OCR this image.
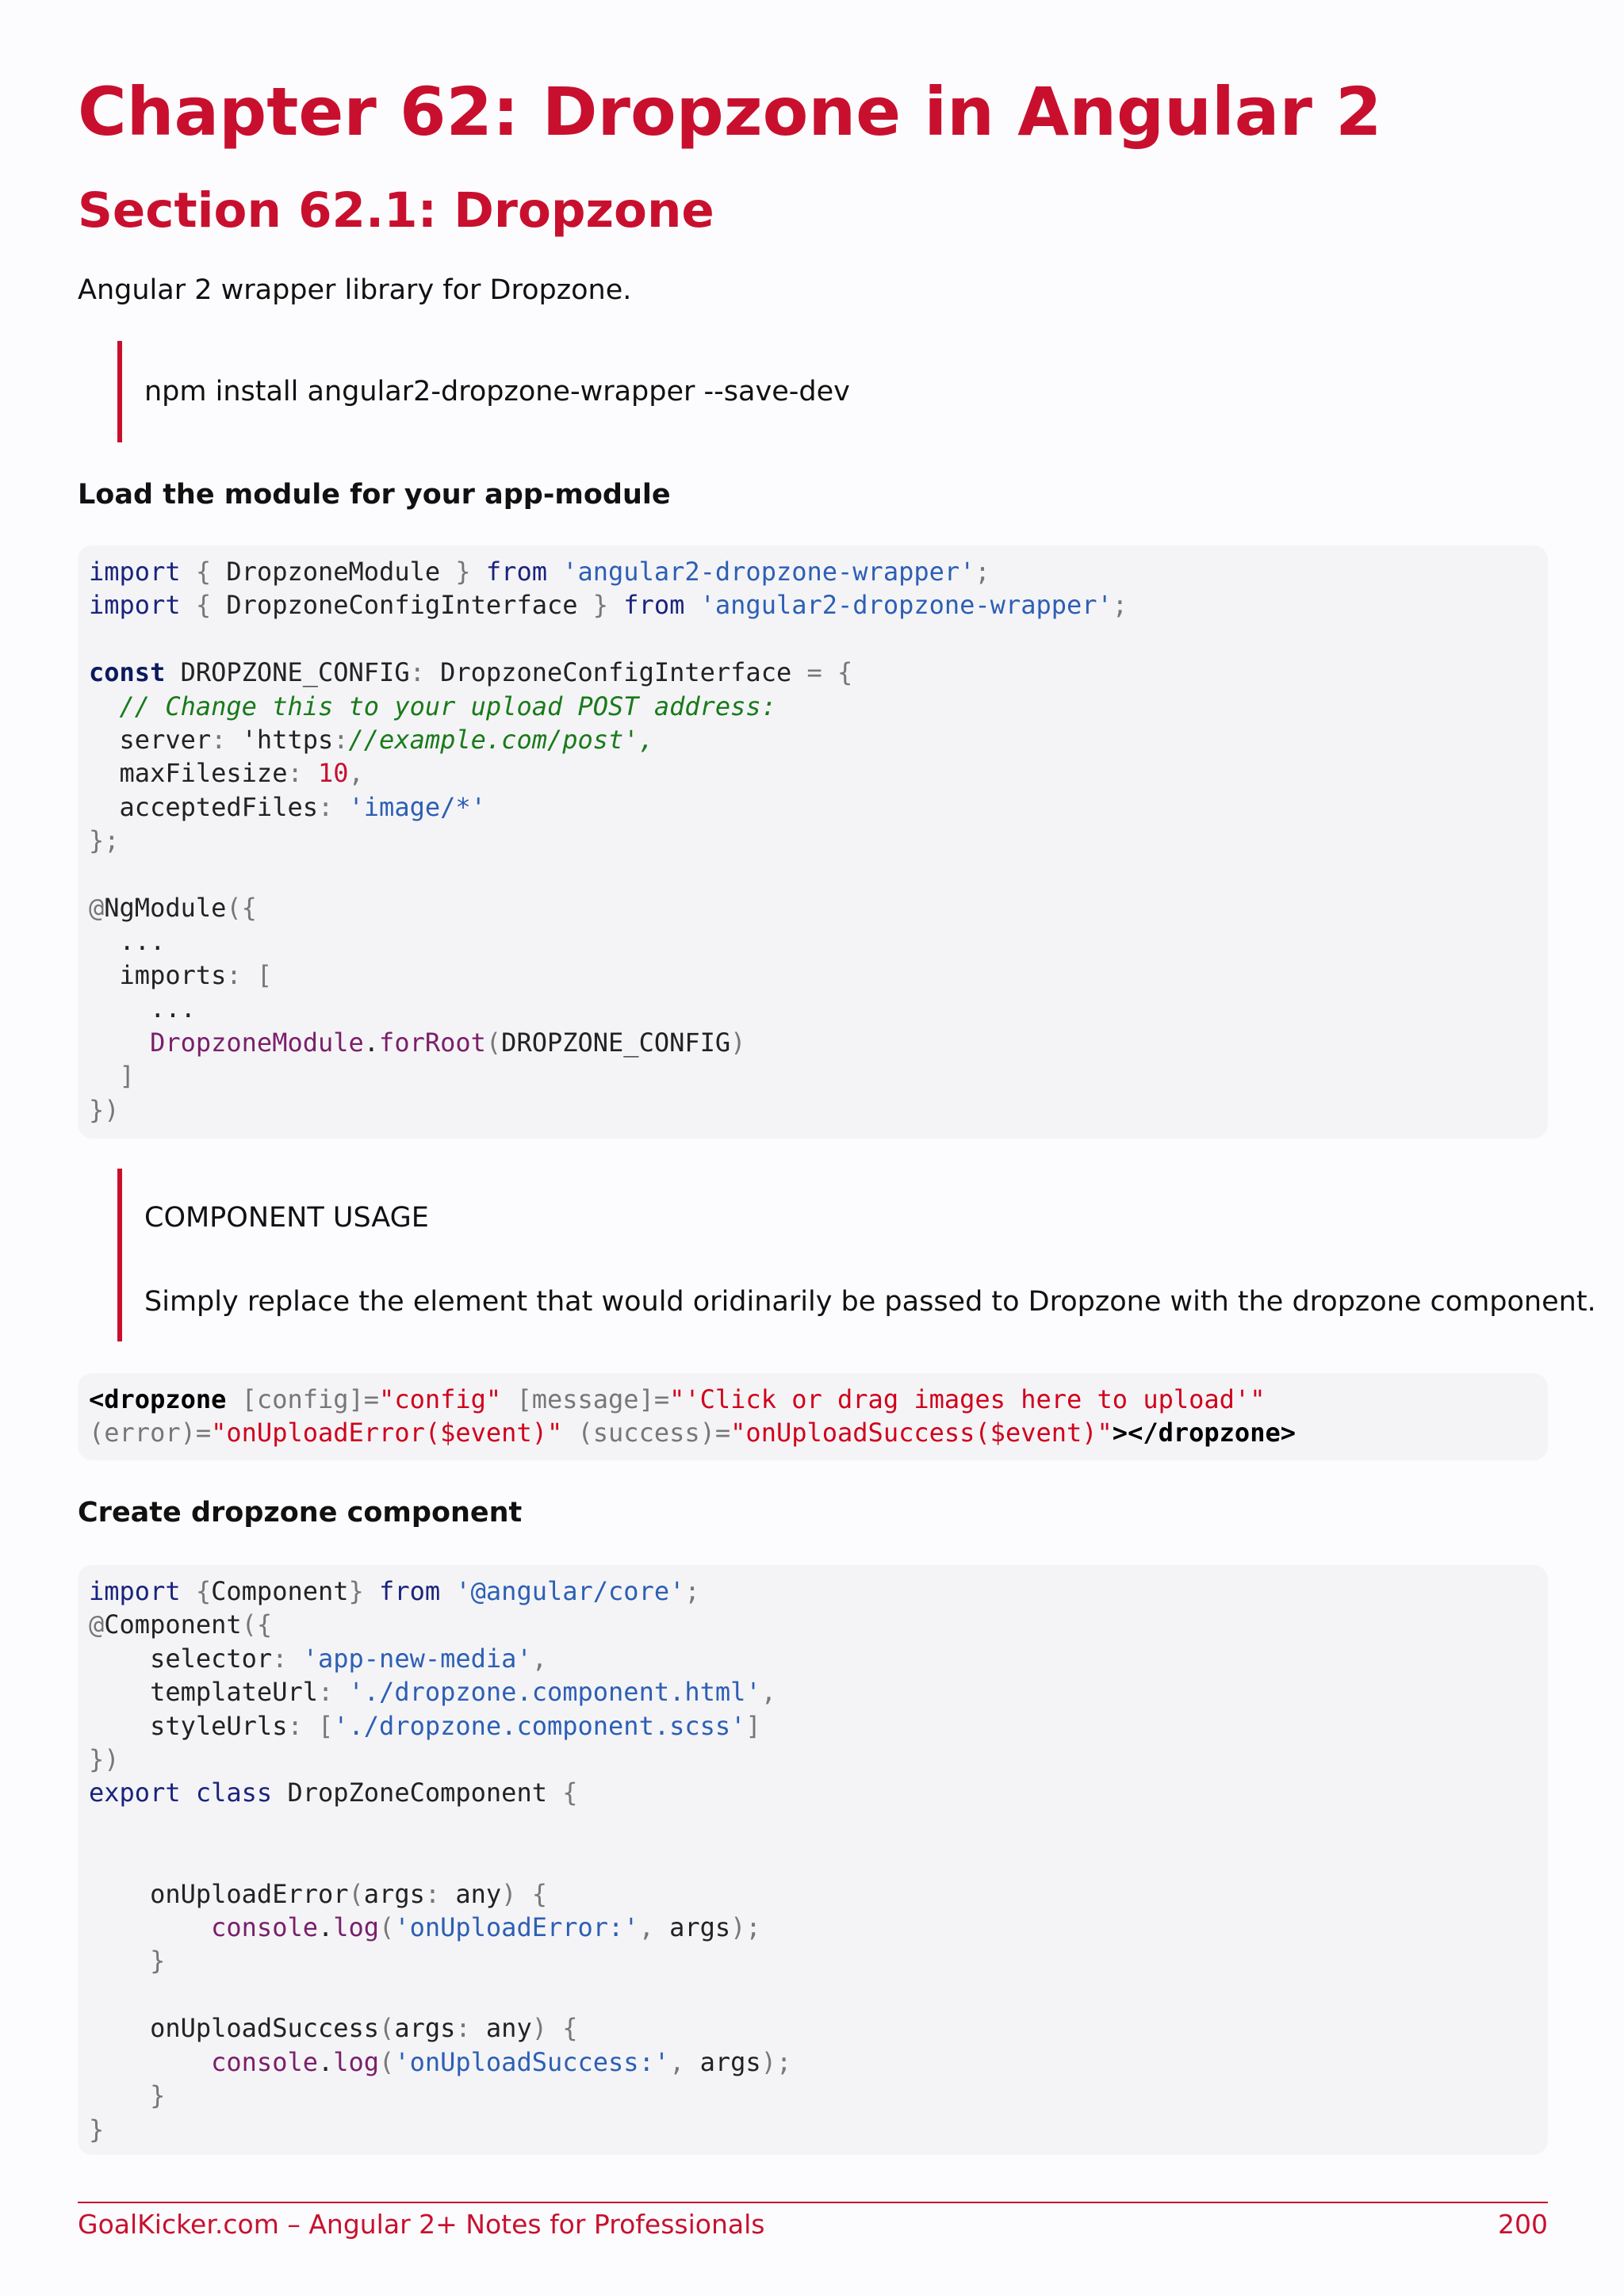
Chapter 62: Dropzone in Angular 2
Section 62.1: Dropzone

Angular 2 wrapper library for Dropzone.

npm install angular2-dropzone-wrapper --save-dev

Load the module for your app-module

import { DropzoneModule } from 'angular2-dropzone-wrapper';
import { DropzoneConfigInterface } from 'angular2-dropzone-wrapper';

const DROPZONE_CONFIG: DropzoneConfigInterface = {
// Change this to your upload POST address:
server: 'https://example.com/post',
maxFilesize: 10,
acceptedFiles: 'image/*'
};

@NgModule({
...
imports: [
...
DropzoneModule.forRoot(DROPZONE_CONFIG)
]
})

COMPONENT USAGE

Simply replace the element that would oridinarily be passed to Dropzone with the dropzone component.

<dropzone [config]="config" [message]="'Click or drag images here to upload'"
(error)="onUploadError($event)" (success)="onUploadSuccess($event)"></dropzone>

Create dropzone component

import {Component} from '@angular/core';
@Component({
selector: 'app-new-media',
templateUrl: './dropzone.component.html',
styleUrls: ['./dropzone.component.scss']
})
export class DropZoneComponent {

onUploadError(args: any) {
console.log('onUploadError:', args);
}

onUploadSuccess(args: any) {
console.log('onUploadSuccess:', args);
}
}
GoalKicker.com – Angular 2+ Notes for Professionals	200
